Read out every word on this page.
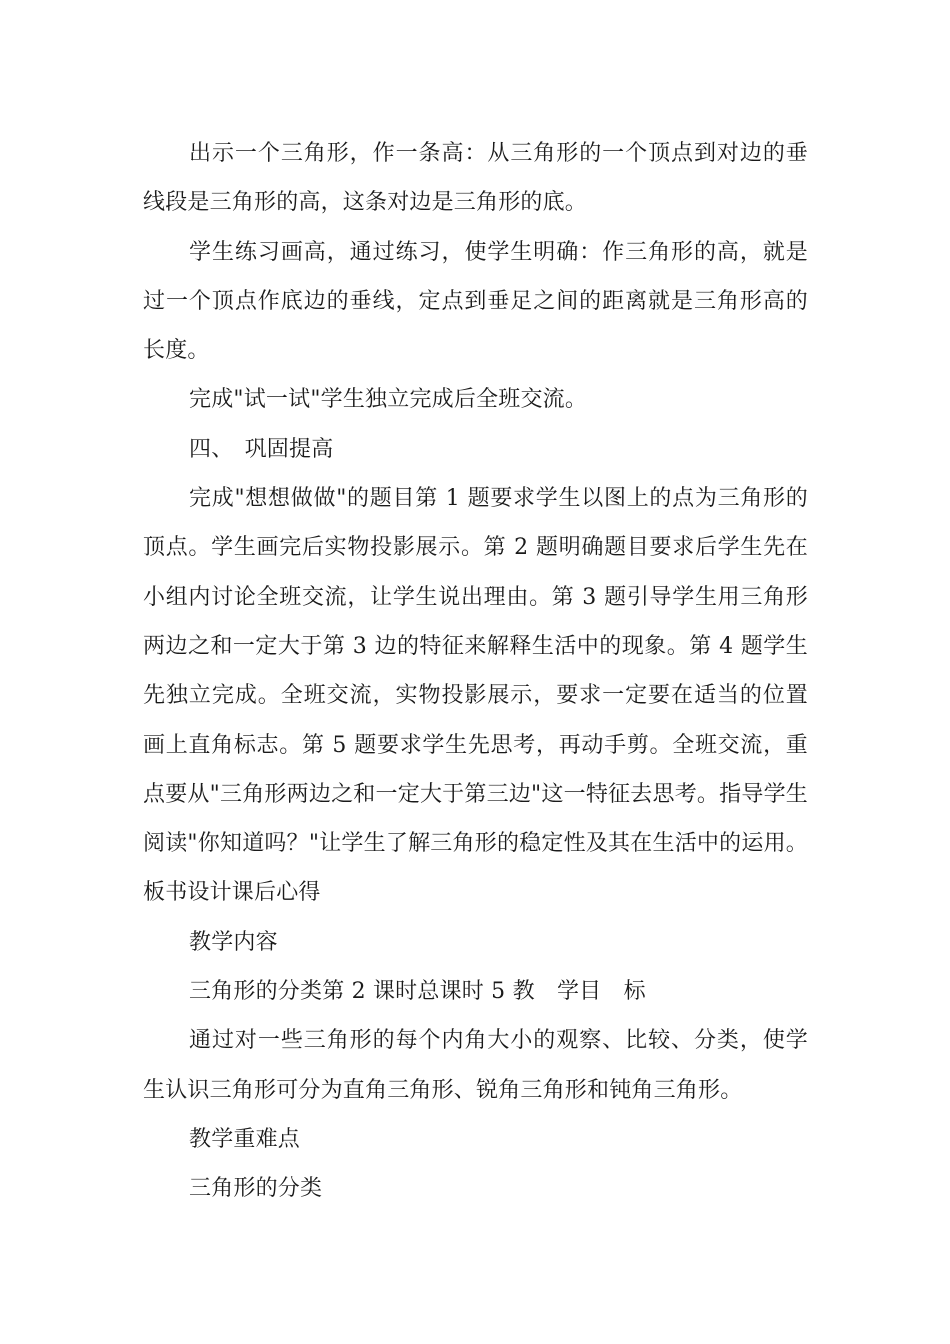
出示一个三角形，作一条高：从三角形的一个顶点到对边的垂线段是三角形的高，这条对边是三角形的底。

学生练习画高，通过练习，使学生明确：作三角形的高，就是过一个顶点作底边的垂线，定点到垂足之间的距离就是三角形高的长度。

完成"试一试"学生独立完成后全班交流。

四、　巩固提高

完成"想想做做"的题目第 1 题要求学生以图上的点为三角形的顶点。学生画完后实物投影展示。第 2 题明确题目要求后学生先在小组内讨论全班交流，让学生说出理由。第 3 题引导学生用三角形两边之和一定大于第 3 边的特征来解释生活中的现象。第 4 题学生先独立完成。全班交流，实物投影展示，要求一定要在适当的位置画上直角标志。第 5 题要求学生先思考，再动手剪。全班交流，重点要从"三角形两边之和一定大于第三边"这一特征去思考。指导学生阅读"你知道吗？"让学生了解三角形的稳定性及其在生活中的运用。板书设计课后心得

教学内容

三角形的分类第 2 课时总课时 5 教　学目　标

通过对一些三角形的每个内角大小的观察、比较、分类，使学生认识三角形可分为直角三角形、锐角三角形和钝角三角形。

教学重难点

三角形的分类
